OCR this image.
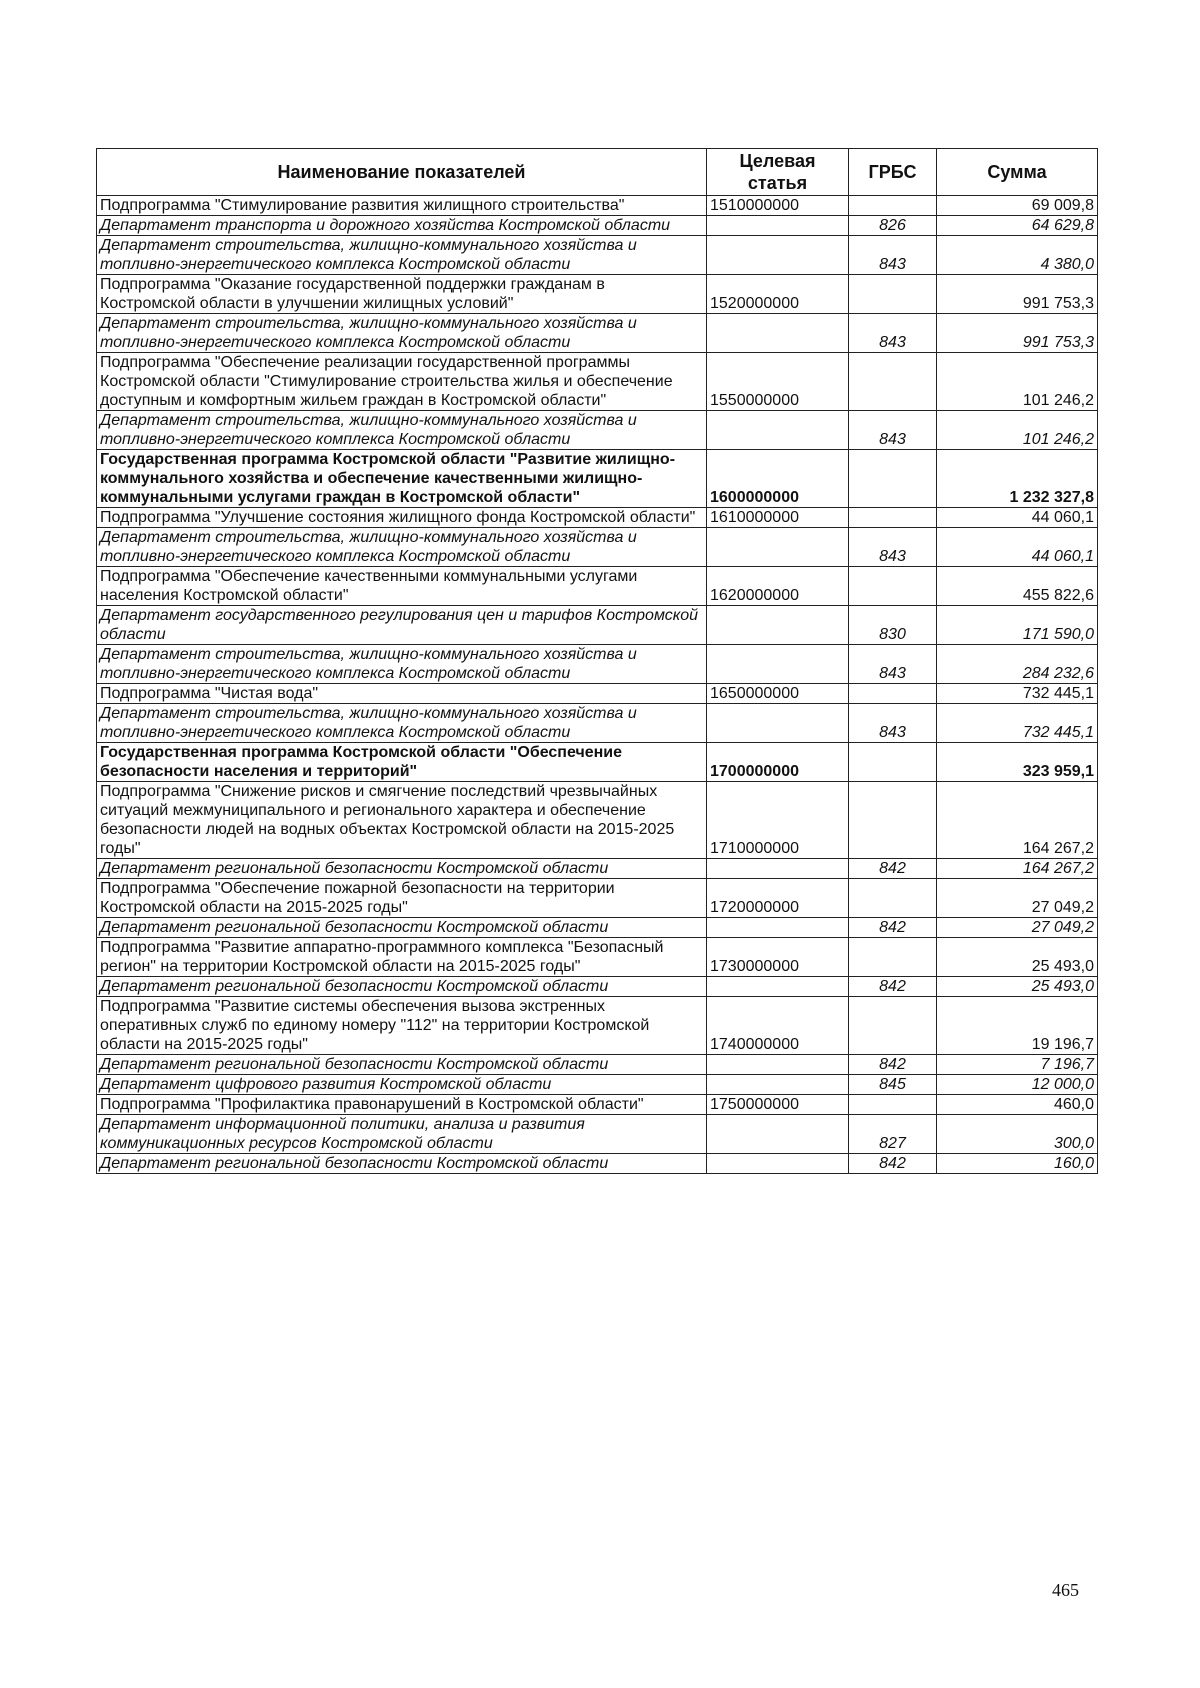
Наименование показателей	Целевая статья	ГРБС	Сумма
Подпрограмма "Стимулирование развития жилищного строительства"	1510000000		69 009,8
Департамент транспорта и дорожного хозяйства Костромской области		826	64 629,8
Департамент строительства, жилищно-коммунального хозяйства и топливно-энергетического комплекса Костромской области		843	4 380,0
Подпрограмма "Оказание государственной поддержки гражданам в Костромской области в улучшении жилищных условий"	1520000000		991 753,3
Департамент строительства, жилищно-коммунального хозяйства и топливно-энергетического комплекса Костромской области		843	991 753,3
Подпрограмма "Обеспечение реализации государственной программы Костромской области "Стимулирование строительства жилья и обеспечение доступным и комфортным жильем граждан в Костромской области"	1550000000		101 246,2
Департамент строительства, жилищно-коммунального хозяйства и топливно-энергетического комплекса Костромской области		843	101 246,2
Государственная программа Костромской области "Развитие жилищно-коммунального хозяйства и обеспечение качественными жилищно-коммунальными услугами граждан в Костромской области"	1600000000		1 232 327,8
Подпрограмма "Улучшение состояния жилищного фонда Костромской области"	1610000000		44 060,1
Департамент строительства, жилищно-коммунального хозяйства и топливно-энергетического комплекса Костромской области		843	44 060,1
Подпрограмма "Обеспечение качественными коммунальными услугами населения Костромской области"	1620000000		455 822,6
Департамент государственного регулирования цен и тарифов Костромской области		830	171 590,0
Департамент строительства, жилищно-коммунального хозяйства и топливно-энергетического комплекса Костромской области		843	284 232,6
Подпрограмма "Чистая вода"	1650000000		732 445,1
Департамент строительства, жилищно-коммунального хозяйства и топливно-энергетического комплекса Костромской области		843	732 445,1
Государственная программа Костромской области "Обеспечение безопасности населения и территорий"	1700000000		323 959,1
Подпрограмма "Снижение рисков и смягчение последствий чрезвычайных ситуаций межмуниципального и регионального характера и обеспечение безопасности людей на водных объектах Костромской области на 2015-2025 годы"	1710000000		164 267,2
Департамент региональной безопасности Костромской области		842	164 267,2
Подпрограмма "Обеспечение пожарной безопасности на территории Костромской области на 2015-2025 годы"	1720000000		27 049,2
Департамент региональной безопасности Костромской области		842	27 049,2
Подпрограмма "Развитие аппаратно-программного комплекса "Безопасный регион" на территории Костромской области на 2015-2025 годы"	1730000000		25 493,0
Департамент региональной безопасности Костромской области		842	25 493,0
Подпрограмма "Развитие системы обеспечения вызова экстренных оперативных служб по единому номеру "112" на территории Костромской области на 2015-2025 годы"	1740000000		19 196,7
Департамент региональной безопасности Костромской области		842	7 196,7
Департамент цифрового развития Костромской области		845	12 000,0
Подпрограмма "Профилактика правонарушений в Костромской области"	1750000000		460,0
Департамент информационной политики, анализа и развития коммуникационных ресурсов Костромской области		827	300,0
Департамент региональной безопасности Костромской области		842	160,0
465
